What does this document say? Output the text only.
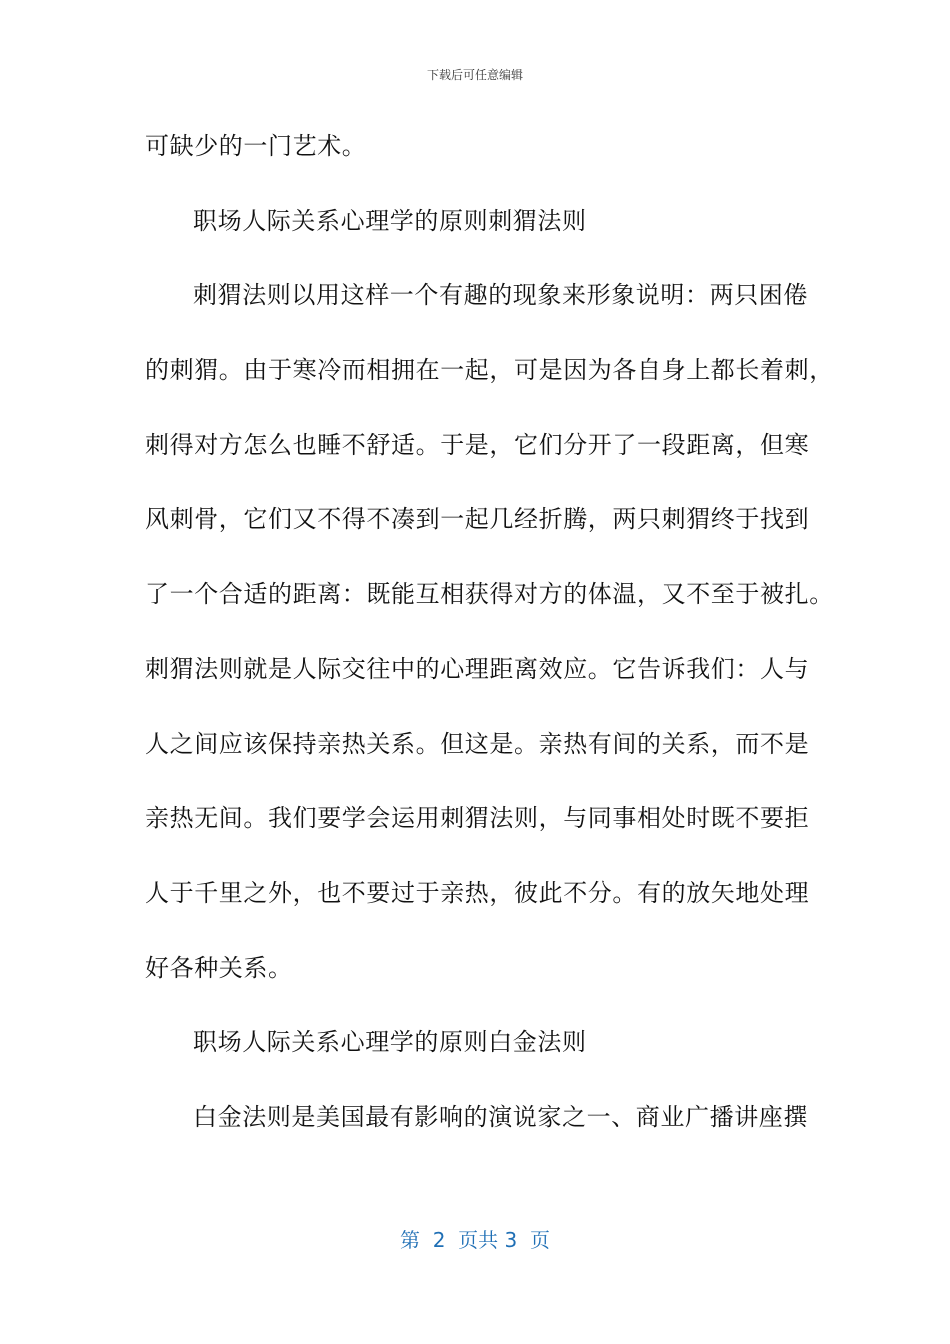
下载后可任意编辑
可缺少的一门艺术。
职场人际关系心理学的原则刺猬法则
刺猬法则以用这样一个有趣的现象来形象说明：两只困倦
的刺猬。由于寒冷而相拥在一起，可是因为各自身上都长着刺，
刺得对方怎么也睡不舒适。于是，它们分开了一段距离，但寒
风刺骨，它们又不得不凑到一起几经折腾，两只刺猬终于找到
了一个合适的距离：既能互相获得对方的体温，又不至于被扎。
刺猬法则就是人际交往中的心理距离效应。它告诉我们：人与
人之间应该保持亲热关系。但这是。亲热有间的关系，而不是
亲热无间。我们要学会运用刺猬法则，与同事相处时既不要拒
人于千里之外，也不要过于亲热，彼此不分。有的放矢地处理
好各种关系。
职场人际关系心理学的原则白金法则
白金法则是美国最有影响的演说家之一、商业广播讲座撰
第  2  页共 3  页
